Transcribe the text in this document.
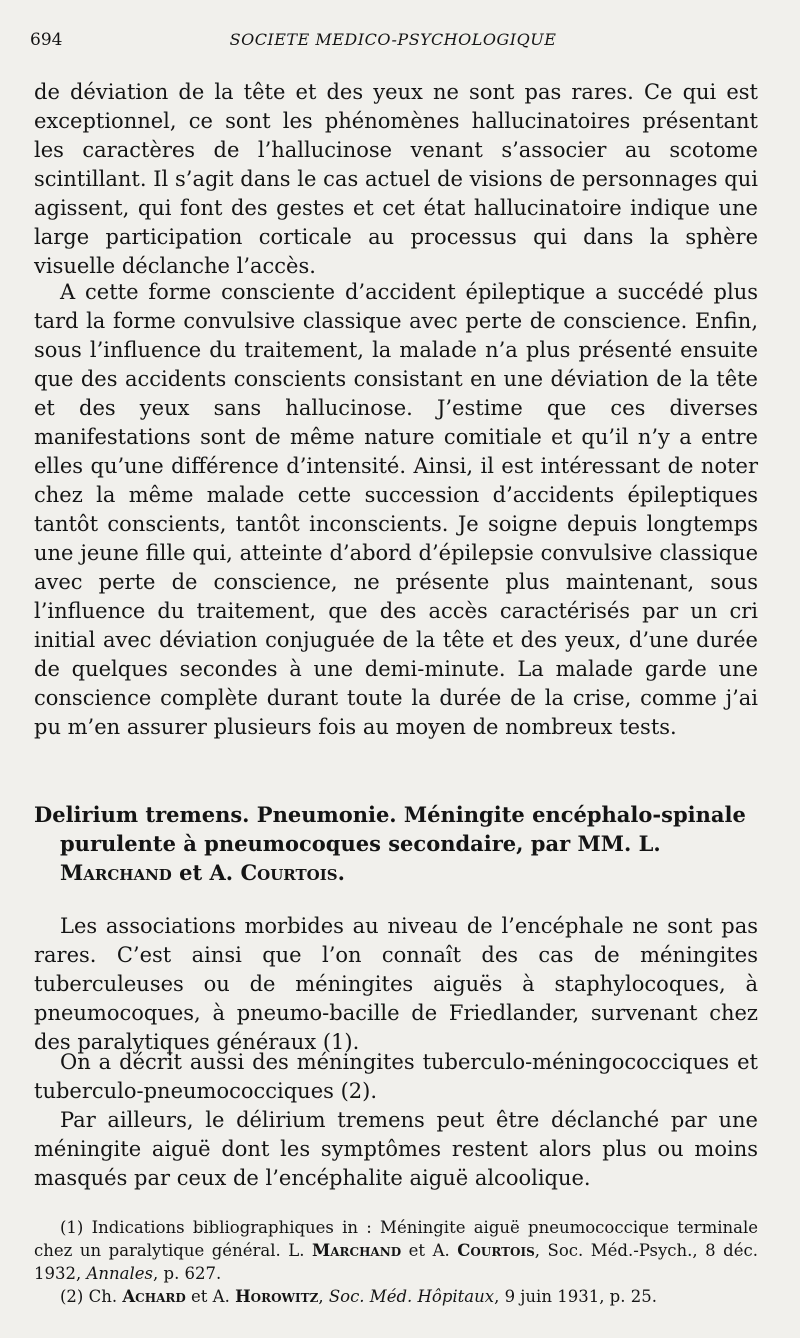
694	SOCIETE MEDICO-PSYCHOLOGIQUE

de déviation de la tête et des yeux ne sont pas rares. Ce qui est exceptionnel, ce sont les phénomènes hallucinatoires présentant les caractères de l’hallucinose venant s’associer au scotome scintillant. Il s’agit dans le cas actuel de visions de personnages qui agissent, qui font des gestes et cet état hallucinatoire indique une large participation corticale au processus qui dans la sphère visuelle déclanche l’accès.

A cette forme consciente d’accident épileptique a succédé plus tard la forme convulsive classique avec perte de conscience. Enfin, sous l’influence du traitement, la malade n’a plus présenté ensuite que des accidents conscients consistant en une déviation de la tête et des yeux sans hallucinose. J’estime que ces diverses manifestations sont de même nature comitiale et qu’il n’y a entre elles qu’une différence d’intensité. Ainsi, il est intéressant de noter chez la même malade cette succession d’accidents épileptiques tantôt conscients, tantôt inconscients. Je soigne depuis longtemps une jeune fille qui, atteinte d’abord d’épilepsie convulsive classique avec perte de conscience, ne présente plus maintenant, sous l’influence du traitement, que des accès caractérisés par un cri initial avec déviation conjuguée de la tête et des yeux, d’une durée de quelques secondes à une demi-minute. La malade garde une conscience complète durant toute la durée de la crise, comme j’ai pu m’en assurer plusieurs fois au moyen de nombreux tests.

Delirium tremens. Pneumonie. Méningite encéphalo-spinale
purulente à pneumocoques secondaire, par MM. L. Marchand et A. Courtois.

Les associations morbides au niveau de l’encéphale ne sont pas rares. C’est ainsi que l’on connaît des cas de méningites tuberculeuses ou de méningites aiguës à staphylocoques, à pneumocoques, à pneumo-bacille de Friedlander, survenant chez des paralytiques généraux (1).

On a décrit aussi des méningites tuberculo-méningococciques et tuberculo-pneumococciques (2).

Par ailleurs, le délirium tremens peut être déclanché par une méningite aiguë dont les symptômes restent alors plus ou moins masqués par ceux de l’encéphalite aiguë alcoolique.

(1) Indications bibliographiques in : Méningite aiguë pneumococcique terminale chez un paralytique général. L. Marchand et A. Courtois, Soc. Méd.-Psych., 8 déc. 1932, Annales, p. 627.

(2) Ch. Achard et A. Horowitz, Soc. Méd. Hôpitaux, 9 juin 1931, p. 25.
